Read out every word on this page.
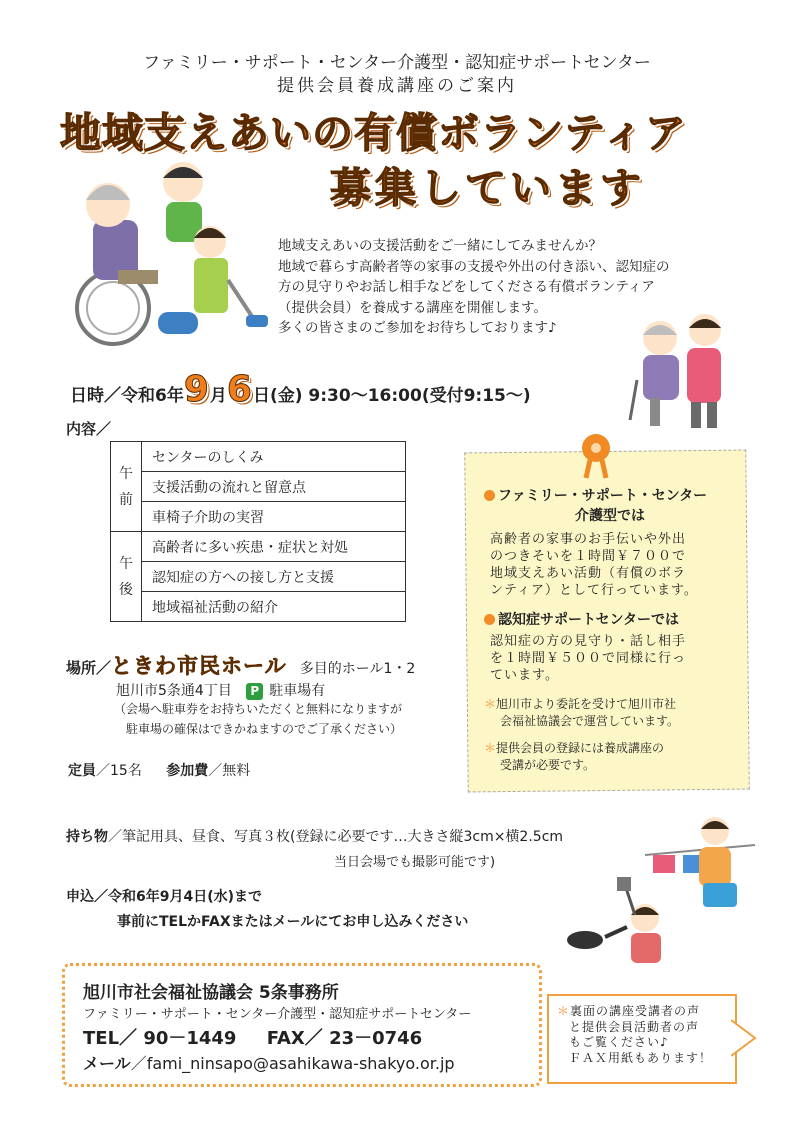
ファミリー・サポート・センター介護型・認知症サポートセンター
提供会員養成講座のご案内
地域支えあいの有償ボランティア
募集しています
地域支えあいの支援活動をご一緒にしてみませんか？
地域で暮らす高齢者等の家事の支援や外出の付き添い、認知症の
方の見守りやお話し相手などをしてくださる有償ボランティア
（提供会員）を養成する講座を開催します。
多くの皆さまのご参加をお待ちしております♪
日時／令和6年9月6日(金) 9:30～16:00(受付9:15～)
内容／
午
前	センターのしくみ
	支援活動の流れと留意点
	車椅子介助の実習
午
後	高齢者に多い疾患・症状と対処
	認知症の方への接し方と支援
	地域福祉活動の紹介
場所／ときわ市民ホール 多目的ホール1・2
旭川市5条通4丁目 P 駐車場有
（会場へ駐車券をお持ちいただくと無料になりますが
駐車場の確保はできかねますのでご了承ください）
定員／15名 参加費／無料
ファミリー・サポート・センター
介護型では
高齢者の家事のお手伝いや外出
のつきそいを１時間￥７００で
地域支えあい活動（有償のボラ
ンティア）として行っています。
認知症サポートセンターでは
認知症の方の見守り・話し相手
を１時間￥５００で同様に行っ
ています。
＊旭川市より委託を受けて旭川市社
会福祉協議会で運営しています。
＊提供会員の登録には養成講座の
受講が必要です。
持ち物／筆記用具、昼食、写真３枚(登録に必要です…大きさ縦3cm×横2.5cm
当日会場でも撮影可能です)
申込／令和6年9月4日(水)まで
事前にTELかFAXまたはメールにてお申し込みください
旭川市社会福祉協議会 5条事務所
ファミリー・サポート・センター介護型・認知症サポートセンター
TEL／ 90－1449 FAX／ 23－0746
メール／fami_ninsapo@asahikawa-shakyo.or.jp
＊裏面の講座受講者の声
と提供会員活動者の声
もご覧ください♪
ＦＡＸ用紙もあります！
